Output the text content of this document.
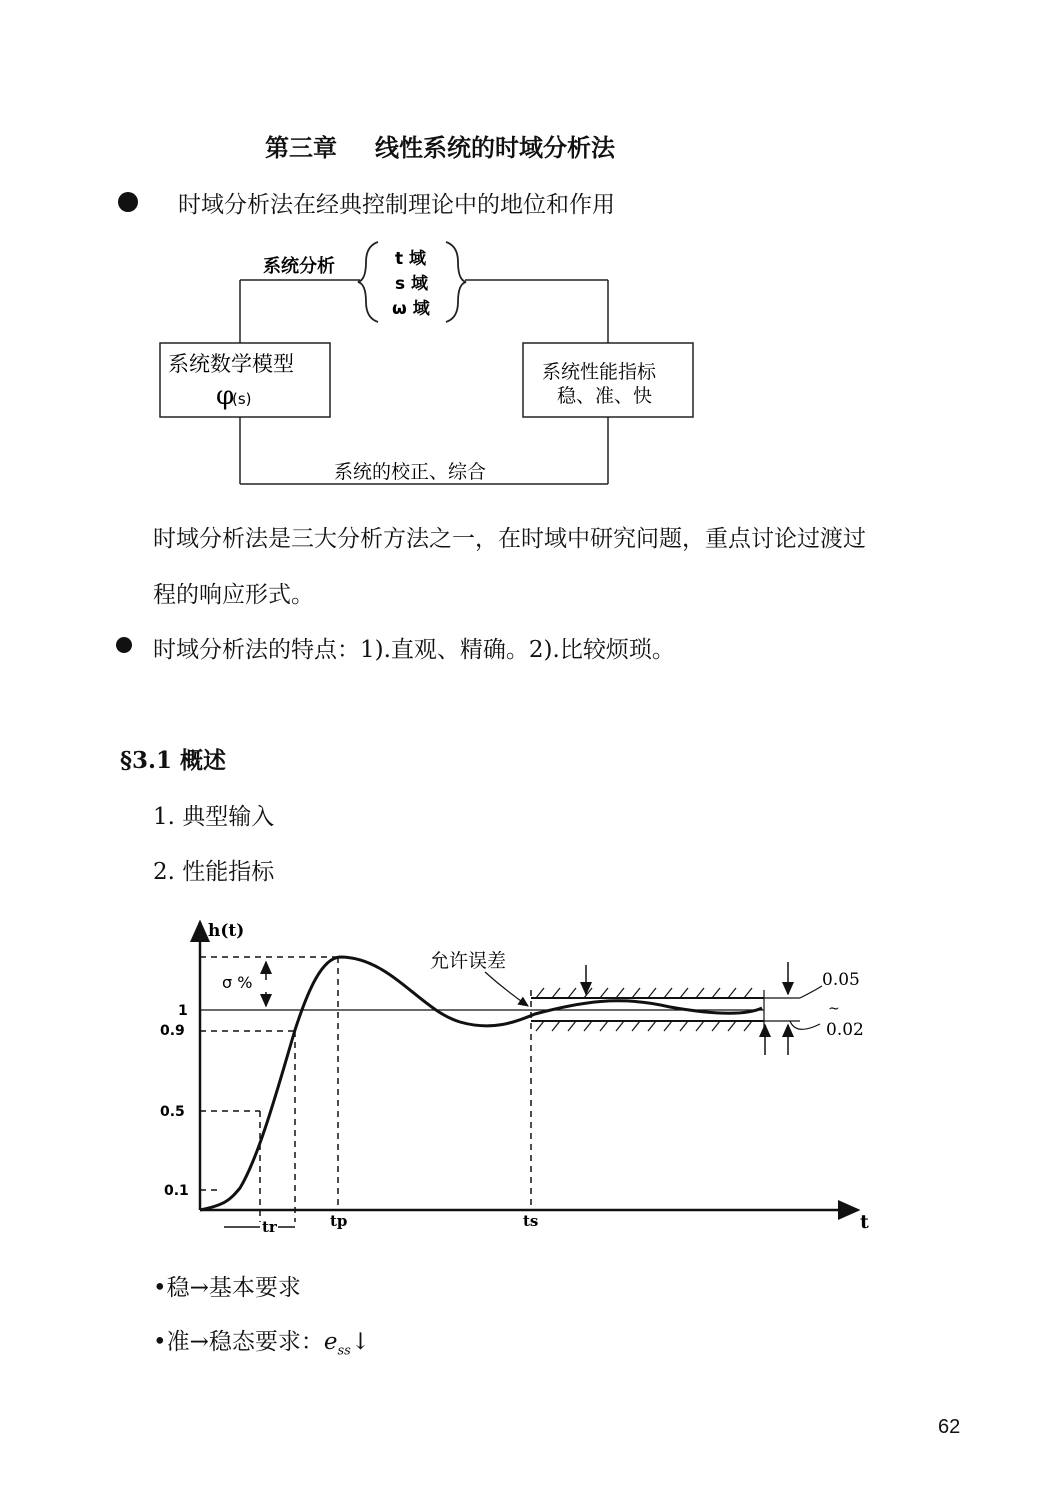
第三章 线性系统的时域分析法
时域分析法在经典控制理论中的地位和作用
系统分析	t 域
s 域
ω 域
系统数学模型
φ
(s)
系统性能指标
稳、准、快
系统的校正、综合
时域分析法是三大分析方法之一，在时域中研究问题，重点讨论过渡过
程的响应形式。
时域分析法的特点：1).直观、精确。2).比较烦琐。
§3.1 概述
1. 典型输入
2. 性能指标
h(t)
t
1
0.9
0.5
0.1
tr	tp	ts
σ %
允许误差
0.05
~
0.02
•稳→基本要求
•准→稳态要求：$e_{ss}↓$
62
